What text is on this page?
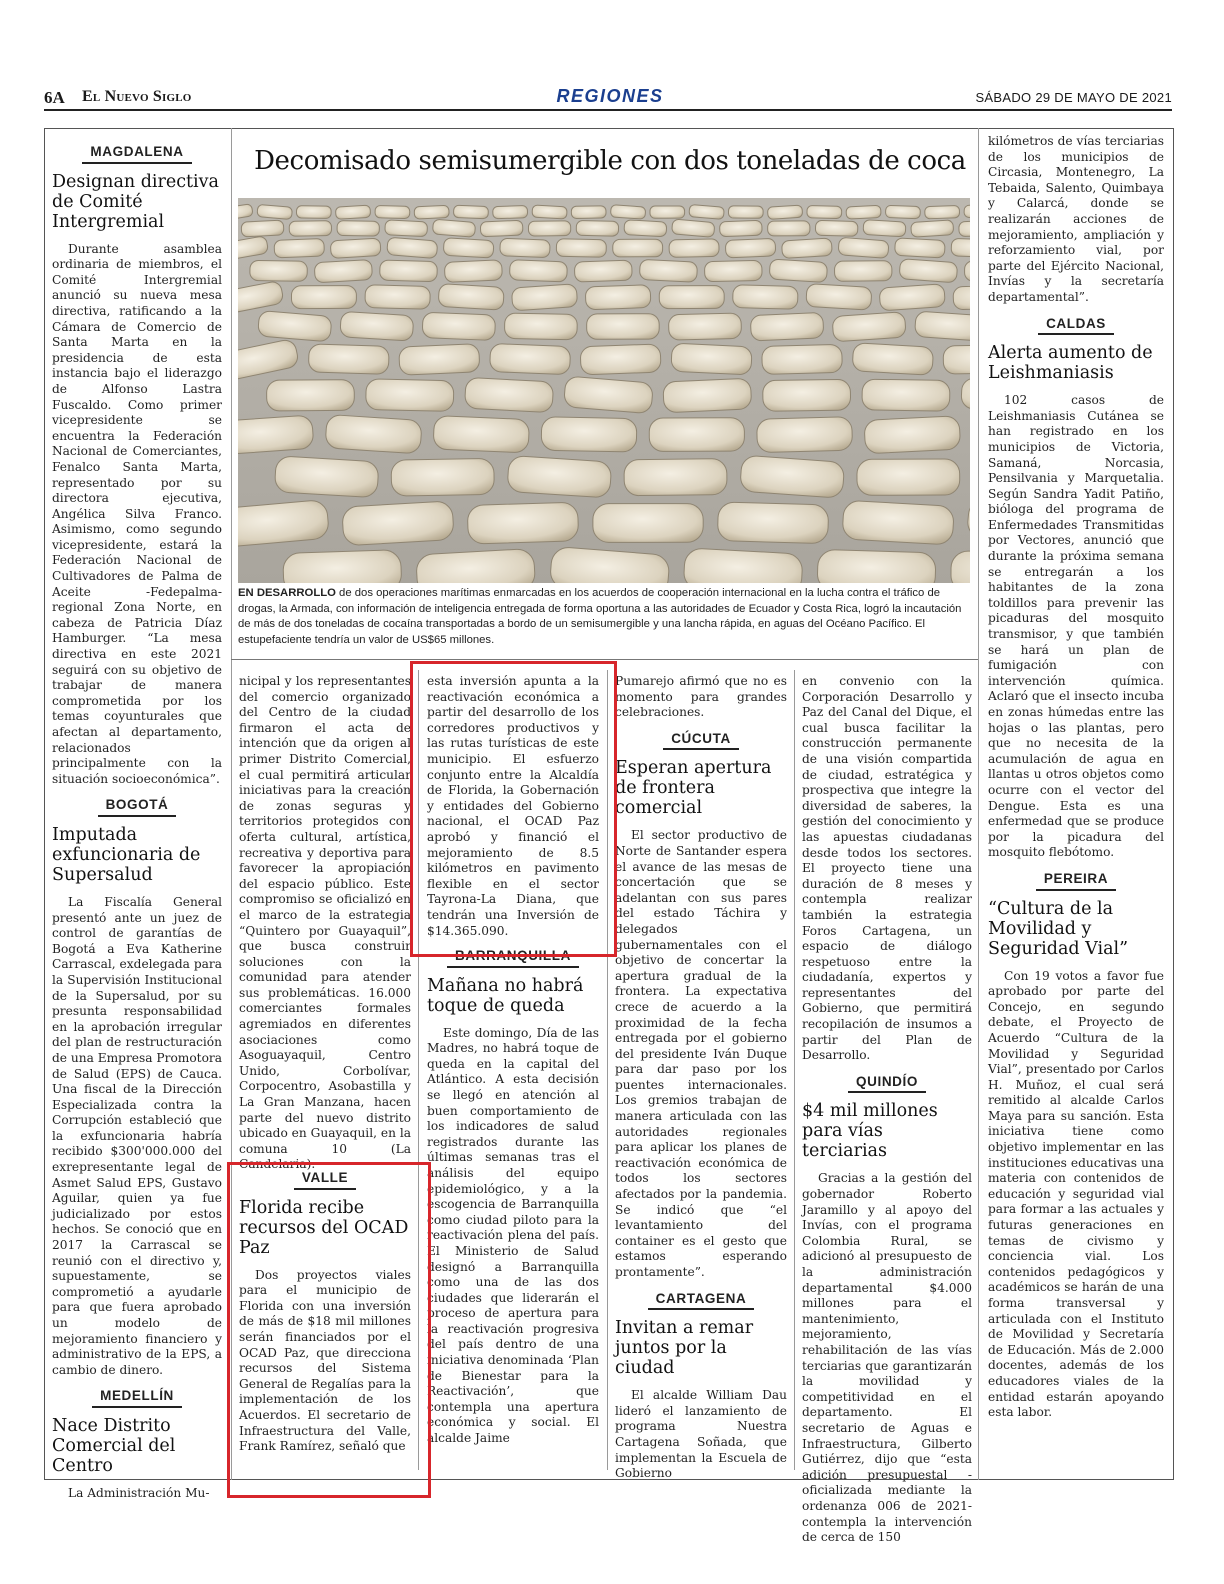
6A El Nuevo Siglo	REGIONES	SÁBADO 29 DE MAYO DE 2021
Decomisado semisumergible con dos toneladas de coca
EN DESARROLLO de dos operaciones marítimas enmarcadas en los acuerdos de cooperación internacional en la lucha contra el tráfico de drogas, la Armada, con información de inteligencia entregada de forma oportuna a las autoridades de Ecuador y Costa Rica, logró la incautación de más de dos toneladas de cocaína transportadas a bordo de un semisumergible y una lancha rápida, en aguas del Océano Pacífico. El estupefaciente tendría un valor de US$65 millones.
MAGDALENA
Designan directiva de Comité Intergremial

Durante asamblea ordinaria de miembros, el Comité Intergremial anunció su nueva mesa directiva, ratificando a la Cámara de Comercio de Santa Marta en la presidencia de esta instancia bajo el liderazgo de Alfonso Lastra Fuscaldo. Como primer vicepresidente se encuentra la Federación Nacional de Comerciantes, Fenalco Santa Marta, representado por su directora ejecutiva, Angélica Silva Franco. Asimismo, como segundo vicepresidente, estará la Federación Nacional de Cultivadores de Palma de Aceite -Fedepalma- regional Zona Norte, en cabeza de Patricia Díaz Hamburger. “La mesa directiva en este 2021 seguirá con su objetivo de trabajar de manera comprometida por los temas coyunturales que afectan al departamento, relacionados principalmente con la situación socioeconómica”.

BOGOTÁ
Imputada exfuncionaria de Supersalud

La Fiscalía General presentó ante un juez de control de garantías de Bogotá a Eva Katherine Carrascal, exdelegada para la Supervisión Institucional de la Supersalud, por su presunta responsabilidad en la aprobación irregular del plan de restructuración de una Empresa Promotora de Salud (EPS) de Cauca. Una fiscal de la Dirección Especializada contra la Corrupción estableció que la exfuncionaria habría recibido $300'000.000 del exrepresentante legal de Asmet Salud EPS, Gustavo Aguilar, quien ya fue judicializado por estos hechos. Se conoció que en 2017 la Carrascal se reunió con el directivo y, supuestamente, se comprometió a ayudarle para que fuera aprobado un modelo de mejoramiento financiero y administrativo de la EPS, a cambio de dinero.

MEDELLÍN
Nace Distrito Comercial del Centro

La Administración Mu-

nicipal y los representantes del comercio organizado del Centro de la ciudad firmaron el acta de intención que da origen al primer Distrito Comercial, el cual permitirá articular iniciativas para la creación de zonas seguras y territorios protegidos con oferta cultural, artística, recreativa y deportiva para favorecer la apropiación del espacio público. Este compromiso se oficializó en el marco de la estrategia “Quintero por Guayaquil”, que busca construir soluciones con la comunidad para atender sus problemáticas. 16.000 comerciantes formales agremiados en diferentes asociaciones como Asoguayaquil, Centro Unido, Corbolívar, Corpocentro, Asobastilla y La Gran Manzana, hacen parte del nuevo distrito ubicado en Guayaquil, en la comuna 10 (La Candelaria).
VALLE
Florida recibe recursos del OCAD Paz

Dos proyectos viales para el municipio de Florida con una inversión de más de $18 mil millones serán financiados por el OCAD Paz, que direcciona recursos del Sistema General de Regalías para la implementación de los Acuerdos. El secretario de Infraestructura del Valle, Frank Ramírez, señaló que

esta inversión apunta a la reactivación económica a partir del desarrollo de los corredores productivos y las rutas turísticas de este municipio. El esfuerzo conjunto entre la Alcaldía de Florida, la Gobernación y entidades del Gobierno nacional, el OCAD Paz aprobó y financió el mejoramiento de 8.5 kilómetros en pavimento flexible en el sector Tayrona-La Diana, que tendrán una Inversión de $14.365.090.
BARRANQUILLA
Mañana no habrá toque de queda

Este domingo, Día de las Madres, no habrá toque de queda en la capital del Atlántico. A esta decisión se llegó en atención al buen comportamiento de los indicadores de salud registrados durante las últimas semanas tras el análisis del equipo epidemiológico, y a la escogencia de Barranquilla como ciudad piloto para la reactivación plena del país. El Ministerio de Salud designó a Barranquilla como una de las dos ciudades que liderarán el proceso de apertura para la reactivación progresiva del país dentro de una iniciativa denominada ‘Plan de Bienestar para la Reactivación’, que contempla una apertura económica y social. El alcalde Jaime

Pumarejo afirmó que no es momento para grandes celebraciones.
CÚCUTA
Esperan apertura de frontera comercial

El sector productivo de Norte de Santander espera el avance de las mesas de concertación que se adelantan con sus pares del estado Táchira y delegados gubernamentales con el objetivo de concertar la apertura gradual de la frontera. La expectativa crece de acuerdo a la proximidad de la fecha entregada por el gobierno del presidente Iván Duque para dar paso por los puentes internacionales. Los gremios trabajan de manera articulada con las autoridades regionales para aplicar los planes de reactivación económica de todos los sectores afectados por la pandemia. Se indicó que “el levantamiento del container es el gesto que estamos esperando prontamente”.

CARTAGENA
Invitan a remar juntos por la ciudad

El alcalde William Dau lideró el lanzamiento de programa Nuestra Cartagena Soñada, que implementan la Escuela de Gobierno

en convenio con la Corporación Desarrollo y Paz del Canal del Dique, el cual busca facilitar la construcción permanente de una visión compartida de ciudad, estratégica y prospectiva que integre la diversidad de saberes, la gestión del conocimiento y las apuestas ciudadanas desde todos los sectores. El proyecto tiene una duración de 8 meses y contempla realizar también la estrategia Foros Cartagena, un espacio de diálogo respetuoso entre la ciudadanía, expertos y representantes del Gobierno, que permitirá recopilación de insumos a partir del Plan de Desarrollo.
QUINDÍO
$4 mil millones para vías terciarias

Gracias a la gestión del gobernador Roberto Jaramillo y al apoyo del Invías, con el programa Colombia Rural, se adicionó al presupuesto de la administración departamental $4.000 millones para el mantenimiento, mejoramiento, rehabilitación de las vías terciarias que garantizarán la movilidad y competitividad en el departamento. El secretario de Aguas e Infraestructura, Gilberto Gutiérrez, dijo que “esta adición presupuestal -oficializada mediante la ordenanza 006 de 2021- contempla la intervención de cerca de 150

kilómetros de vías terciarias de los municipios de Circasia, Montenegro, La Tebaida, Salento, Quimbaya y Calarcá, donde se realizarán acciones de mejoramiento, ampliación y reforzamiento vial, por parte del Ejército Nacional, Invías y la secretaría departamental”.
CALDAS
Alerta aumento de Leishmaniasis

102 casos de Leishmaniasis Cutánea se han registrado en los municipios de Victoria, Samaná, Norcasia, Pensilvania y Marquetalia. Según Sandra Yadit Patiño, bióloga del programa de Enfermedades Transmitidas por Vectores, anunció que durante la próxima semana se entregarán a los habitantes de la zona toldillos para prevenir las picaduras del mosquito transmisor, y que también se hará un plan de fumigación con intervención química. Aclaró que el insecto incuba en zonas húmedas entre las hojas o las plantas, pero que no necesita de la acumulación de agua en llantas u otros objetos como ocurre con el vector del Dengue. Esta es una enfermedad que se produce por la picadura del mosquito flebótomo.

PEREIRA
“Cultura de la Movilidad y Seguridad Vial”

Con 19 votos a favor fue aprobado por parte del Concejo, en segundo debate, el Proyecto de Acuerdo “Cultura de la Movilidad y Seguridad Vial”, presentado por Carlos H. Muñoz, el cual será remitido al alcalde Carlos Maya para su sanción. Esta iniciativa tiene como objetivo implementar en las instituciones educativas una materia con contenidos de educación y seguridad vial para formar a las actuales y futuras generaciones en temas de civismo y conciencia vial. Los contenidos pedagógicos y académicos se harán de una forma transversal y articulada con el Instituto de Movilidad y Secretaría de Educación. Más de 2.000 docentes, además de los educadores viales de la entidad estarán apoyando esta labor.
